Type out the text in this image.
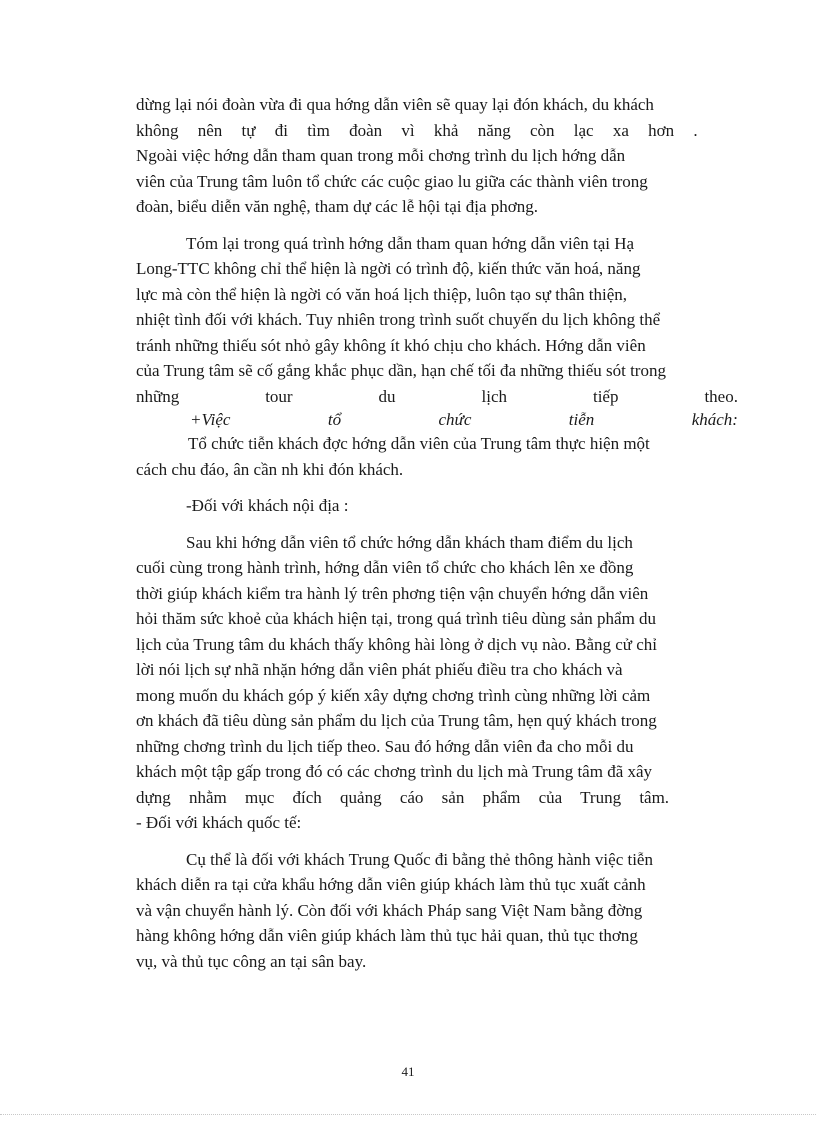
dừng lại nói đoàn vừa đi qua hớng dẫn viên sẽ quay lại đón khách, du khách
không nên tự đi tìm đoàn vì khả năng còn lạc xa hơn .
Ngoài việc hớng dẫn tham quan trong mỗi chơng trình du lịch hớng dẫn
viên của Trung tâm luôn tổ chức các cuộc giao lu giữa các thành viên trong
đoàn, biểu diễn văn nghệ, tham dự các lễ hội tại địa phơng.
Tóm lại trong quá trình hớng dẫn tham quan hớng dẫn viên tại Hạ
Long-TTC không chỉ thể hiện là ngời có trình độ, kiến thức văn hoá, năng
lực mà còn thể hiện là ngời có văn hoá lịch thiệp, luôn tạo sự thân thiện,
nhiệt tình đối với khách. Tuy nhiên trong trình suốt chuyến du lịch không thể
tránh những thiếu sót nhỏ gây không ít khó chịu cho khách. Hớng dẫn viên
của Trung tâm sẽ cố gắng khắc phục dần, hạn chế tối đa những thiếu sót trong
những	tour	du	lịch	tiếp	theo.
+Việc	tổ	chức	tiễn	khách:
Tổ chức tiễn khách đợc hớng dẫn viên của Trung tâm thực hiện một
cách chu đáo, ân cần nh khi đón khách.
-Đối với khách nội địa :
Sau khi hớng dẫn viên tổ chức hớng dẫn khách tham điểm du lịch
cuối cùng trong hành trình, hớng dẫn viên tổ chức cho khách lên xe đồng
thời giúp khách kiểm tra hành lý trên phơng tiện vận chuyển hớng dẫn viên
hỏi thăm sức khoẻ của khách hiện tại, trong quá trình tiêu dùng sản phẩm du
lịch của Trung tâm du khách thấy không hài lòng ở dịch vụ nào. Bằng cử chỉ
lời nói lịch sự nhã nhặn hớng dẫn viên phát phiếu điều tra cho khách và
mong muốn du khách góp ý kiến xây dựng chơng trình cùng những lời cảm
ơn khách đã tiêu dùng sản phẩm du lịch của Trung tâm, hẹn quý khách trong
những chơng trình du lịch tiếp theo. Sau đó hớng dẫn viên đa cho mỗi du
khách một tập gấp trong đó có các chơng trình du lịch mà Trung tâm đã xây
dựng nhằm mục đích quảng cáo sản phẩm của Trung tâm.
- Đối với khách quốc tế:
Cụ thể là đối với khách Trung Quốc đi bằng thẻ thông hành việc tiễn
khách diễn ra tại cửa khẩu hớng dẫn viên giúp khách làm thủ tục xuất cảnh
và vận chuyển hành lý. Còn đối với khách Pháp sang Việt Nam bằng đờng
hàng không hớng dẫn viên giúp khách làm thủ tục hải quan, thủ tục thơng
vụ, và thủ tục công an tại sân bay.
41
